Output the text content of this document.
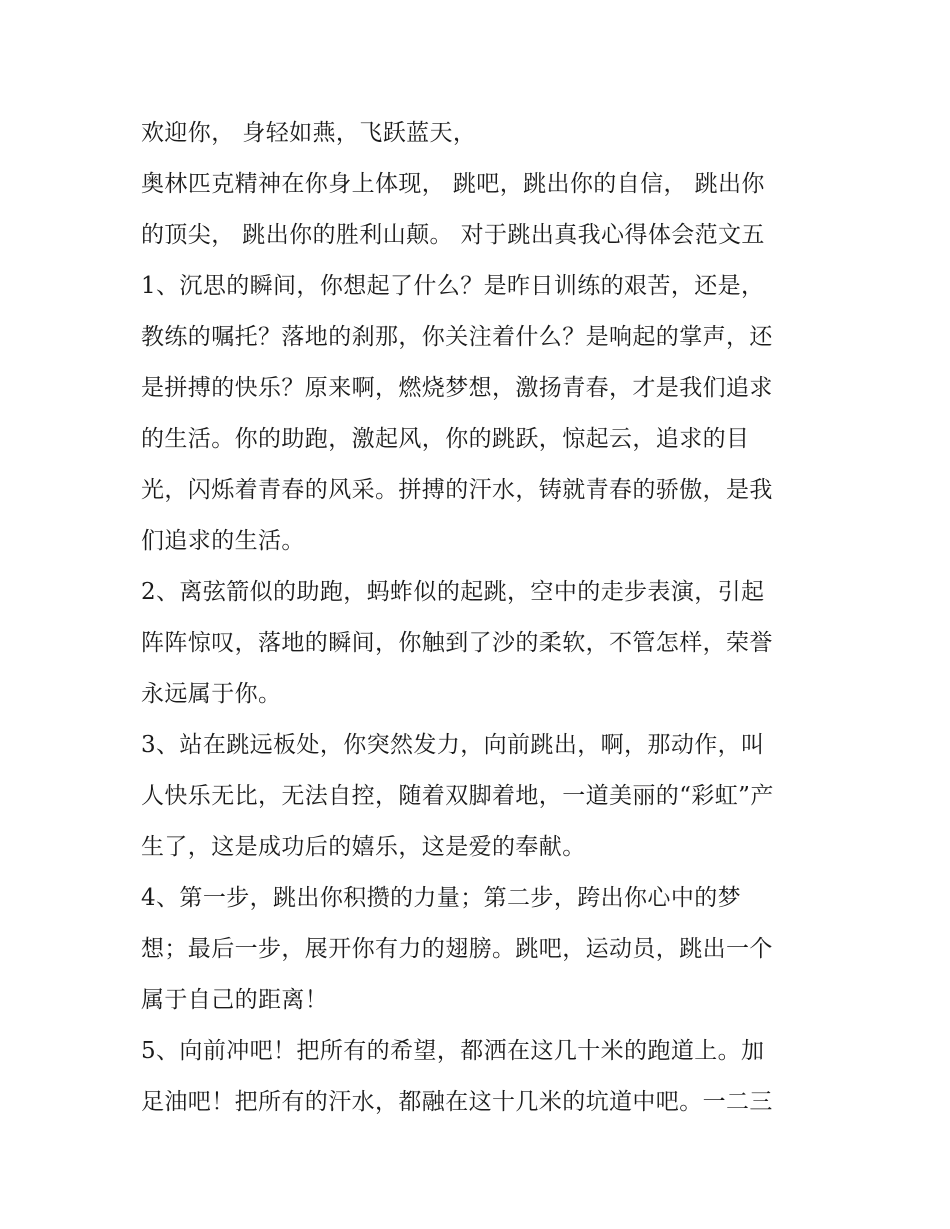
欢迎你， 身轻如燕，飞跃蓝天，
奥林匹克精神在你身上体现， 跳吧，跳出你的自信， 跳出你
的顶尖， 跳出你的胜利山颠。 对于跳出真我心得体会范文五
1、沉思的瞬间，你想起了什么？是昨日训练的艰苦，还是，
教练的嘱托？落地的刹那，你关注着什么？是响起的掌声，还
是拼搏的快乐？原来啊，燃烧梦想，激扬青春，才是我们追求
的生活。你的助跑，激起风，你的跳跃，惊起云，追求的目
光，闪烁着青春的风采。拼搏的汗水，铸就青春的骄傲，是我
们追求的生活。
2、离弦箭似的助跑，蚂蚱似的起跳，空中的走步表演，引起
阵阵惊叹，落地的瞬间，你触到了沙的柔软，不管怎样，荣誉
永远属于你。
3、站在跳远板处，你突然发力，向前跳出，啊，那动作，叫
人快乐无比，无法自控，随着双脚着地，一道美丽的“彩虹”产
生了，这是成功后的嬉乐，这是爱的奉献。
4、第一步，跳出你积攒的力量；第二步，跨出你心中的梦
想；最后一步，展开你有力的翅膀。跳吧，运动员，跳出一个
属于自己的距离！
5、向前冲吧！把所有的希望，都洒在这几十米的跑道上。加
足油吧！把所有的汗水，都融在这十几米的坑道中吧。一二三
